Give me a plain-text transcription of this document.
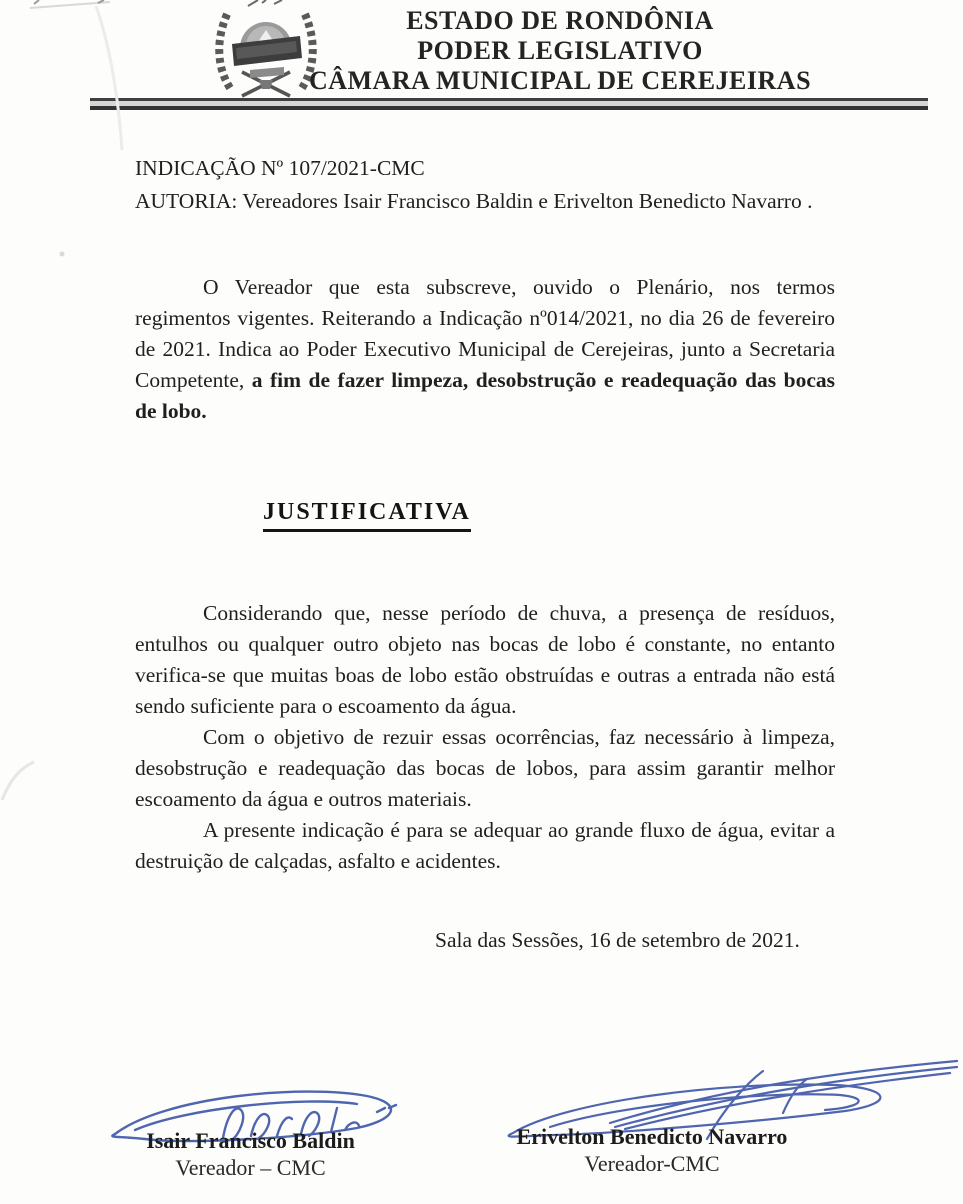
ESTADO DE RONDÔNIA
PODER LEGISLATIVO
CÂMARA MUNICIPAL DE CEREJEIRAS

INDICAÇÃO Nº 107/2021-CMC

AUTORIA: Vereadores Isair Francisco Baldin e Erivelton Benedicto Navarro .

O Vereador que esta subscreve, ouvido o Plenário, nos termos regimentos vigentes. Reiterando a Indicação nº014/2021, no dia 26 de fevereiro de 2021. Indica ao Poder Executivo Municipal de Cerejeiras, junto a Secretaria Competente, a fim de fazer limpeza, desobstrução e readequação das bocas de lobo.

JUSTIFICATIVA

Considerando que, nesse período de chuva, a presença de resíduos, entulhos ou qualquer outro objeto nas bocas de lobo é constante, no entanto verifica-se que muitas boas de lobo estão obstruídas e outras a entrada não está sendo suficiente para o escoamento da água.

Com o objetivo de rezuir essas ocorrências, faz necessário à limpeza, desobstrução e readequação das bocas de lobos, para assim garantir melhor escoamento da água e outros materiais.

A presente indicação é para se adequar ao grande fluxo de água, evitar a destruição de calçadas, asfalto e acidentes.

Sala das Sessões, 16 de setembro de 2021.

Isair Francisco Baldin
Vereador – CMC
Erivelton Benedicto Navarro
Vereador-CMC
